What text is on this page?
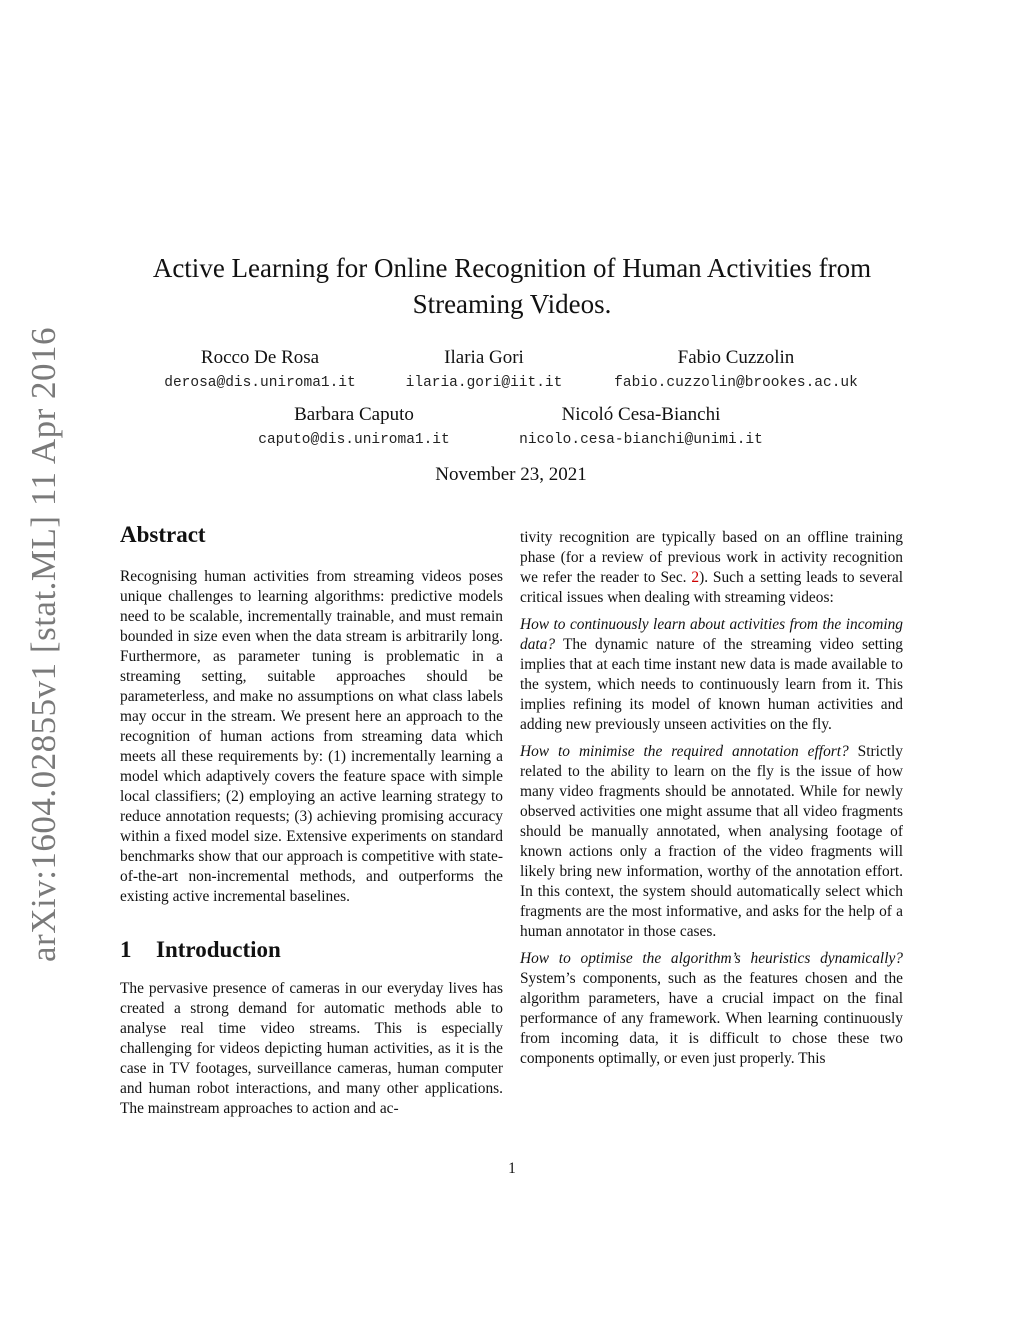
arXiv:1604.02855v1 [stat.ML] 11 Apr 2016
Active Learning for Online Recognition of Human Activities from
Streaming Videos.
Rocco De Rosa
derosa@dis.uniroma1.it
Ilaria Gori
ilaria.gori@iit.it
Fabio Cuzzolin
fabio.cuzzolin@brookes.ac.uk
Barbara Caputo
caputo@dis.uniroma1.it
Nicoló Cesa-Bianchi
nicolo.cesa-bianchi@unimi.it
November 23, 2021
Abstract

Recognising human activities from streaming videos poses unique challenges to learning algorithms: predictive models need to be scalable, incrementally trainable, and must remain bounded in size even when the data stream is arbitrarily long. Furthermore, as parameter tuning is problematic in a streaming setting, suitable approaches should be parameterless, and make no assumptions on what class labels may occur in the stream. We present here an approach to the recognition of human actions from streaming data which meets all these requirements by: (1) incrementally learning a model which adaptively covers the feature space with simple local classifiers; (2) employing an active learning strategy to reduce annotation requests; (3) achieving promising accuracy within a fixed model size. Extensive experiments on standard benchmarks show that our approach is competitive with state-of-the-art non-incremental methods, and outperforms the existing active incremental baselines.

1 Introduction

The pervasive presence of cameras in our everyday lives has created a strong demand for automatic methods able to analyse real time video streams. This is especially challenging for videos depicting human activities, as it is the case in TV footages, surveillance cameras, human computer and human robot interactions, and many other applications. The mainstream approaches to action and ac-

tivity recognition are typically based on an offline training phase (for a review of previous work in activity recognition we refer the reader to Sec. 2). Such a setting leads to several critical issues when dealing with streaming videos:

How to continuously learn about activities from the incoming data? The dynamic nature of the streaming video setting implies that at each time instant new data is made available to the system, which needs to continuously learn from it. This implies refining its model of known human activities and adding new previously unseen activities on the fly.

How to minimise the required annotation effort? Strictly related to the ability to learn on the fly is the issue of how many video fragments should be annotated. While for newly observed activities one might assume that all video fragments should be manually annotated, when analysing footage of known actions only a fraction of the video fragments will likely bring new information, worthy of the annotation effort. In this context, the system should automatically select which fragments are the most informative, and asks for the help of a human annotator in those cases.

How to optimise the algorithm’s heuristics dynamically? System’s components, such as the features chosen and the algorithm parameters, have a crucial impact on the final performance of any framework. When learning continuously from incoming data, it is difficult to chose these two components optimally, or even just properly. This

1
